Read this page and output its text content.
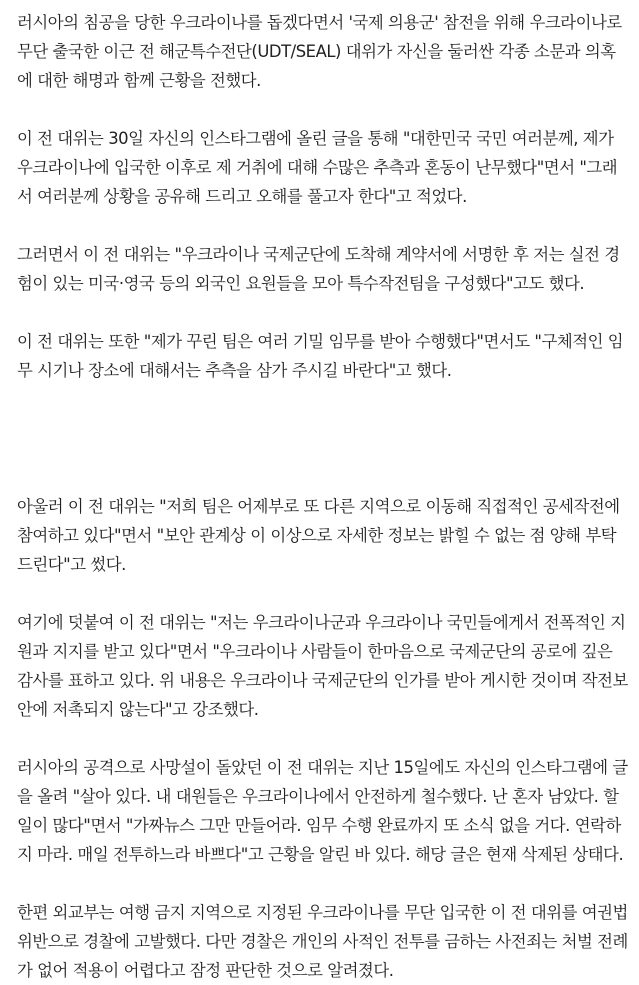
러시아의 침공을 당한 우크라이나를 돕겠다면서 '국제 의용군' 참전을 위해 우크라이나로

무단 출국한 이근 전 해군특수전단(UDT/SEAL) 대위가 자신을 둘러싼 각종 소문과 의혹

에 대한 해명과 함께 근황을 전했다.

이 전 대위는 30일 자신의 인스타그램에 올린 글을 통해 "대한민국 국민 여러분께, 제가

우크라이나에 입국한 이후로 제 거취에 대해 수많은 추측과 혼동이 난무했다"면서 "그래

서 여러분께 상황을 공유해 드리고 오해를 풀고자 한다"고 적었다.

그러면서 이 전 대위는 "우크라이나 국제군단에 도착해 계약서에 서명한 후 저는 실전 경

험이 있는 미국·영국 등의 외국인 요원들을 모아 특수작전팀을 구성했다"고도 했다.

이 전 대위는 또한 "제가 꾸린 팀은 여러 기밀 임무를 받아 수행했다"면서도 "구체적인 임

무 시기나 장소에 대해서는 추측을 삼가 주시길 바란다"고 했다.

아울러 이 전 대위는 "저희 팀은 어제부로 또 다른 지역으로 이동해 직접적인 공세작전에

참여하고 있다"면서 "보안 관계상 이 이상으로 자세한 정보는 밝힐 수 없는 점 양해 부탁

드린다"고 썼다.

여기에 덧붙여 이 전 대위는 "저는 우크라이나군과 우크라이나 국민들에게서 전폭적인 지

원과 지지를 받고 있다"면서 "우크라이나 사람들이 한마음으로 국제군단의 공로에 깊은

감사를 표하고 있다. 위 내용은 우크라이나 국제군단의 인가를 받아 게시한 것이며 작전보

안에 저촉되지 않는다"고 강조했다.

러시아의 공격으로 사망설이 돌았던 이 전 대위는 지난 15일에도 자신의 인스타그램에 글

을 올려 "살아 있다. 내 대원들은 우크라이나에서 안전하게 철수했다. 난 혼자 남았다. 할

일이 많다"면서 "가짜뉴스 그만 만들어라. 임무 수행 완료까지 또 소식 없을 거다. 연락하

지 마라. 매일 전투하느라 바쁘다"고 근황을 알린 바 있다. 해당 글은 현재 삭제된 상태다.

한편 외교부는 여행 금지 지역으로 지정된 우크라이나를 무단 입국한 이 전 대위를 여권법

위반으로 경찰에 고발했다. 다만 경찰은 개인의 사적인 전투를 금하는 사전죄는 처벌 전례

가 없어 적용이 어렵다고 잠정 판단한 것으로 알려졌다.
